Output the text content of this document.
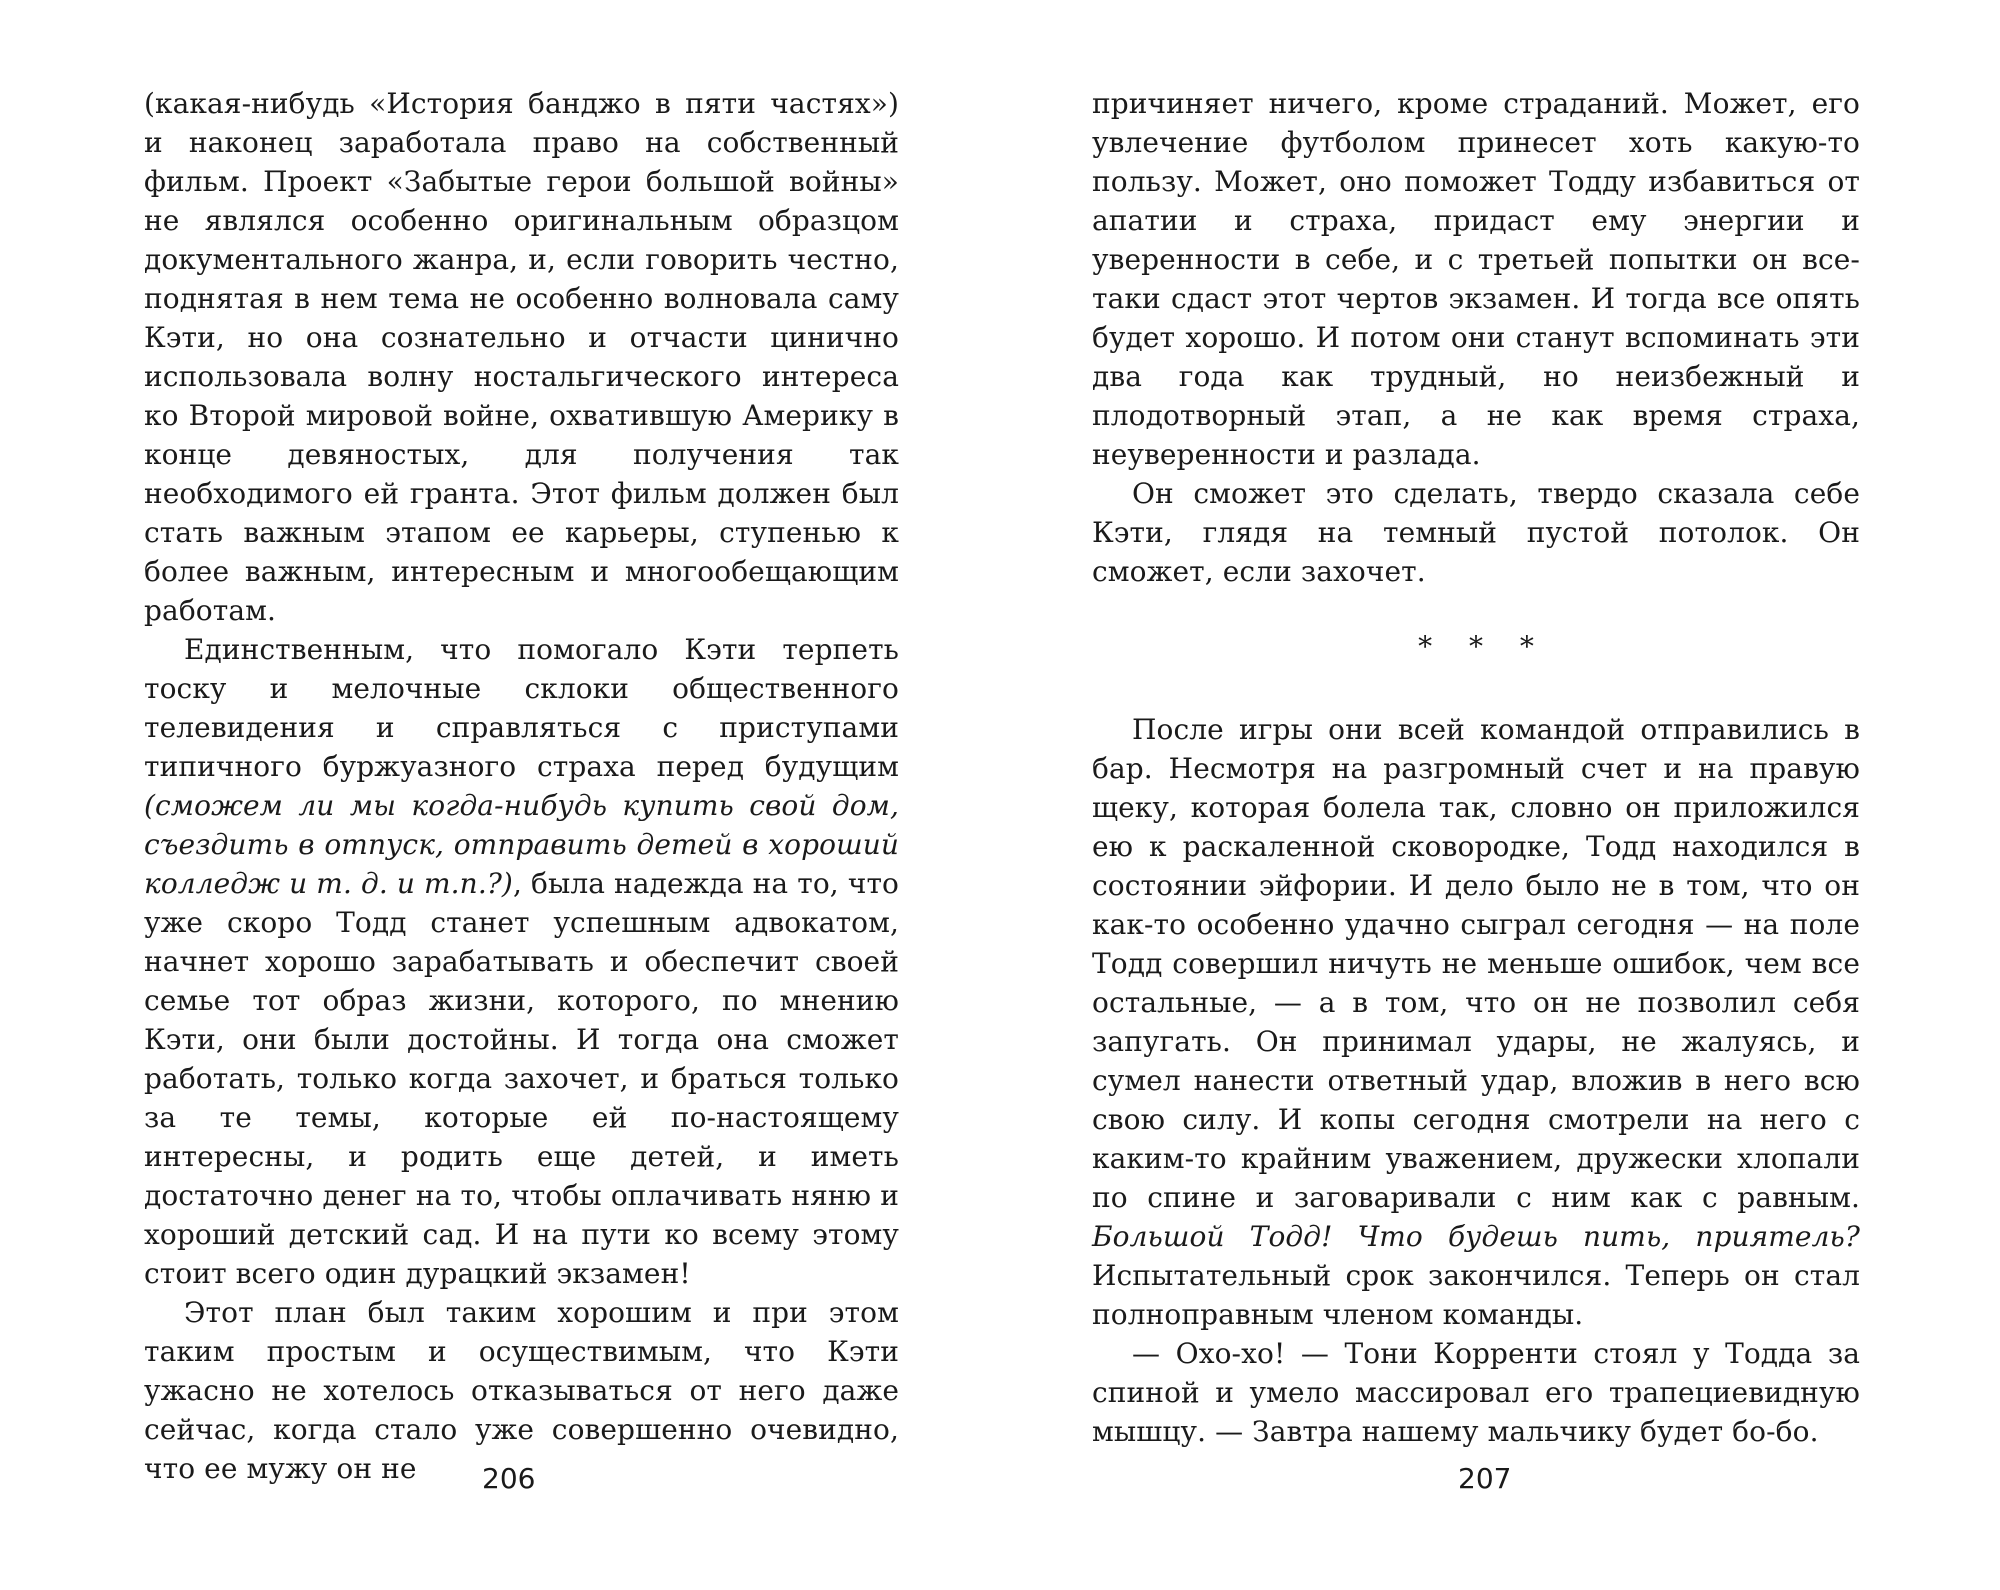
(какая-нибудь «История банджо в пяти частях») и наконец заработала право на собственный фильм. Проект «Забытые герои большой войны» не являлся особенно оригинальным образцом документального жанра, и, если говорить честно, поднятая в нем тема не особенно волновала саму Кэти, но она сознательно и отчасти цинично использовала волну ностальгического интереса ко Второй мировой войне, охватившую Америку в конце девяностых, для получения так необходимого ей гранта. Этот фильм должен был стать важным этапом ее карьеры, ступенью к более важным, интересным и многообещающим работам.

Единственным, что помогало Кэти терпеть тоску и мелочные склоки общественного телевидения и справляться с приступами типичного буржуазного страха перед будущим (сможем ли мы когда-нибудь купить свой дом, съездить в отпуск, отправить детей в хороший колледж и т. д. и т.п.?), была надежда на то, что уже скоро Тодд станет успешным адвокатом, начнет хорошо зарабатывать и обеспечит своей семье тот образ жизни, которого, по мнению Кэти, они были достойны. И тогда она сможет работать, только когда захочет, и браться только за те темы, которые ей по-настоящему интересны, и родить еще детей, и иметь достаточно денег на то, чтобы оплачивать няню и хороший детский сад. И на пути ко всему этому стоит всего один дурацкий экзамен!

Этот план был таким хорошим и при этом таким простым и осуществимым, что Кэти ужасно не хотелось отказываться от него даже сейчас, когда стало уже совершенно очевидно, что ее мужу он не	206

причиняет ничего, кроме страданий. Может, его увлечение футболом принесет хоть какую-то пользу. Может, оно поможет Тодду избавиться от апатии и страха, придаст ему энергии и уверенности в себе, и с третьей попытки он все-таки сдаст этот чертов экзамен. И тогда все опять будет хорошо. И потом они станут вспоминать эти два года как трудный, но неизбежный и плодотворный этап, а не как время страха, неуверенности и разлада.

Он сможет это сделать, твердо сказала себе Кэти, глядя на темный пустой потолок. Он сможет, если захочет.

* * *

После игры они всей командой отправились в бар. Несмотря на разгромный счет и на правую щеку, которая болела так, словно он приложился ею к раскаленной сковородке, Тодд находился в состоянии эйфории. И дело было не в том, что он как-то особенно удачно сыграл сегодня — на поле Тодд совершил ничуть не меньше ошибок, чем все остальные, — а в том, что он не позволил себя запугать. Он принимал удары, не жалуясь, и сумел нанести ответный удар, вложив в него всю свою силу. И копы сегодня смотрели на него с каким-то крайним уважением, дружески хлопали по спине и заговаривали с ним как с равным. Большой Тодд! Что будешь пить, приятель? Испытательный срок закончился. Теперь он стал полноправным членом команды.

— Охо-хо! — Тони Корренти стоял у Тодда за спиной и умело массировал его трапециевидную мышцу. — Завтра нашему мальчику будет бо-бо.

207
